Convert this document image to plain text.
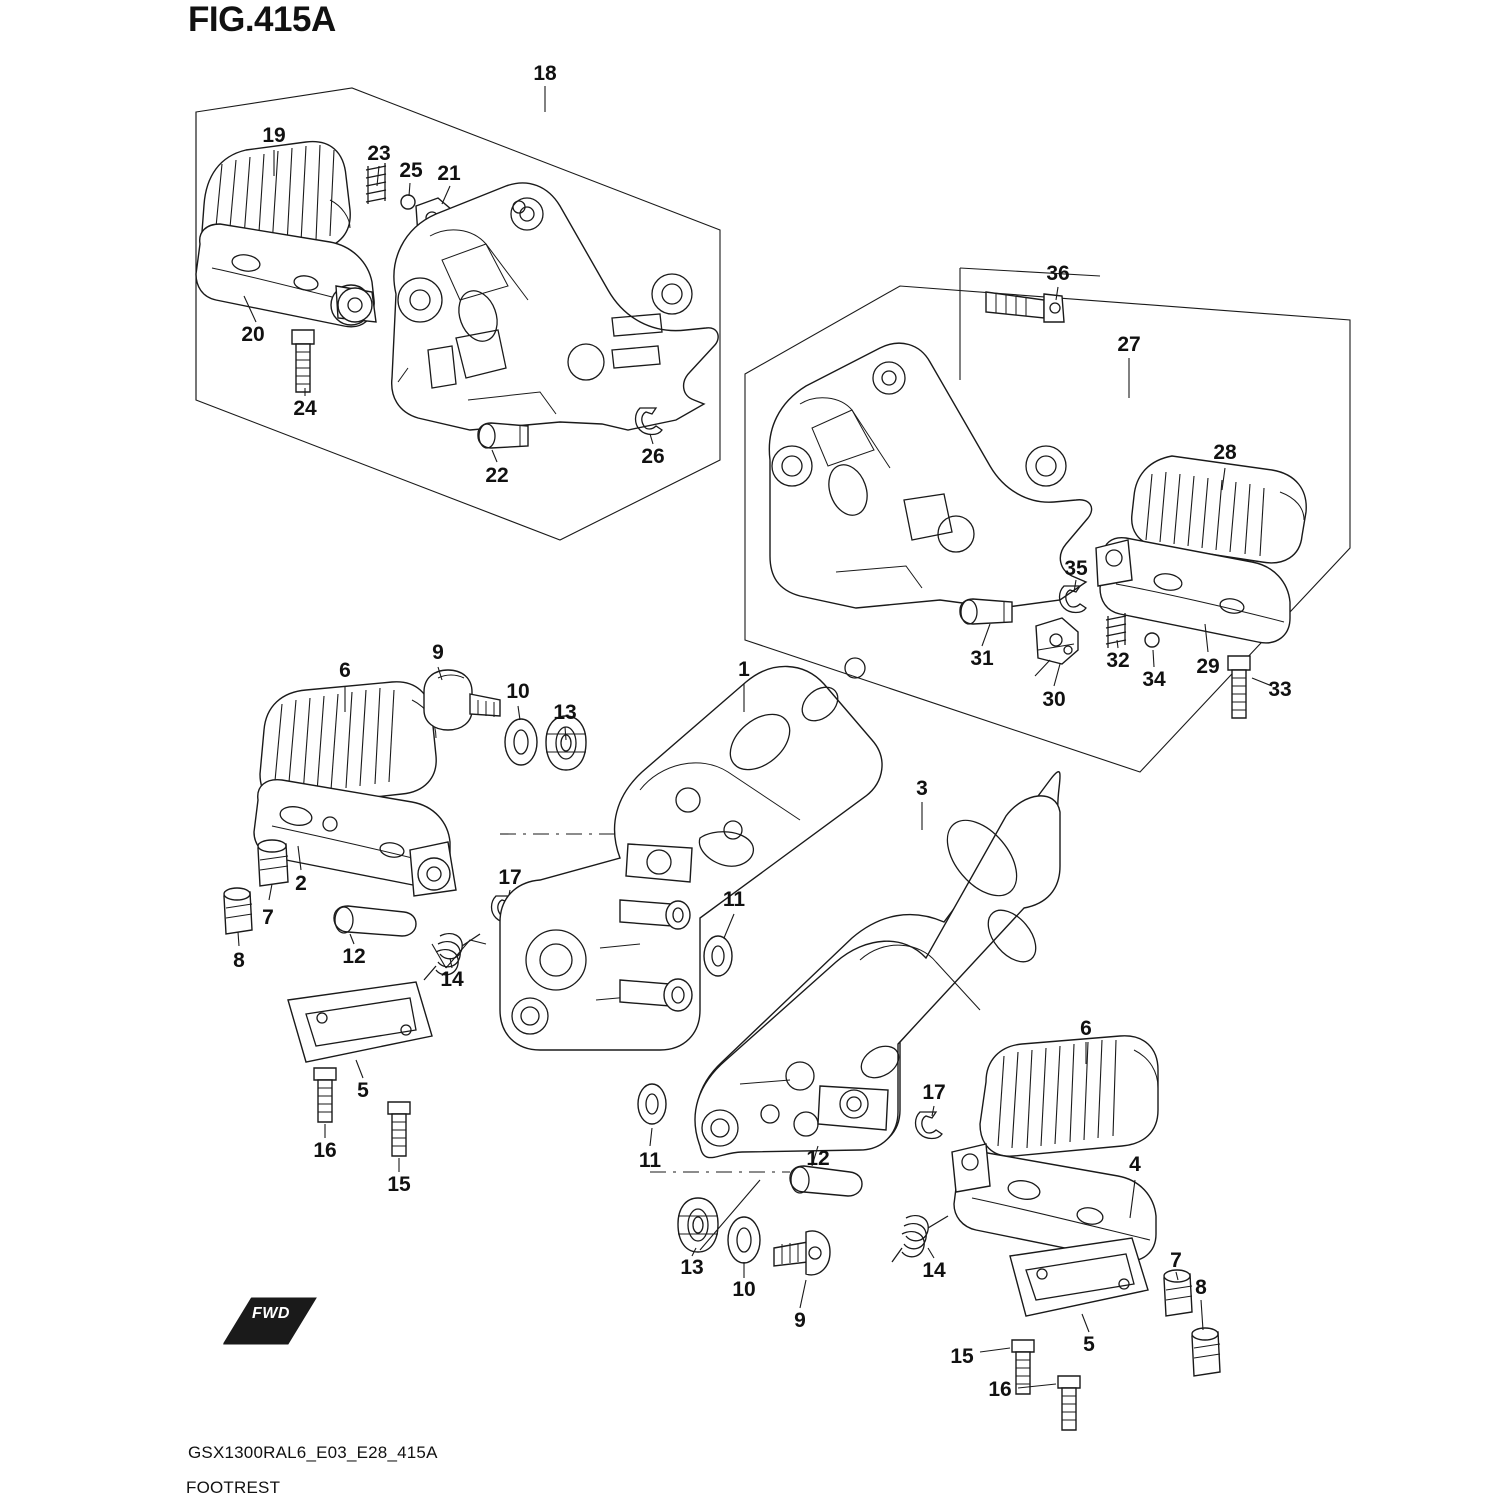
FIG.415A
FWD
18
19
23
25 21
20
24
22
26
36
27
28
35
31
30
32
34
29
33
6
9
10
13
1
3
2
7
8	12
14
17
11
5
16
15
11
13
10
9
12
17
14
6
4
7
8
5
15
16
GSX1300RAL6_E03_E28_415A
FOOTREST
